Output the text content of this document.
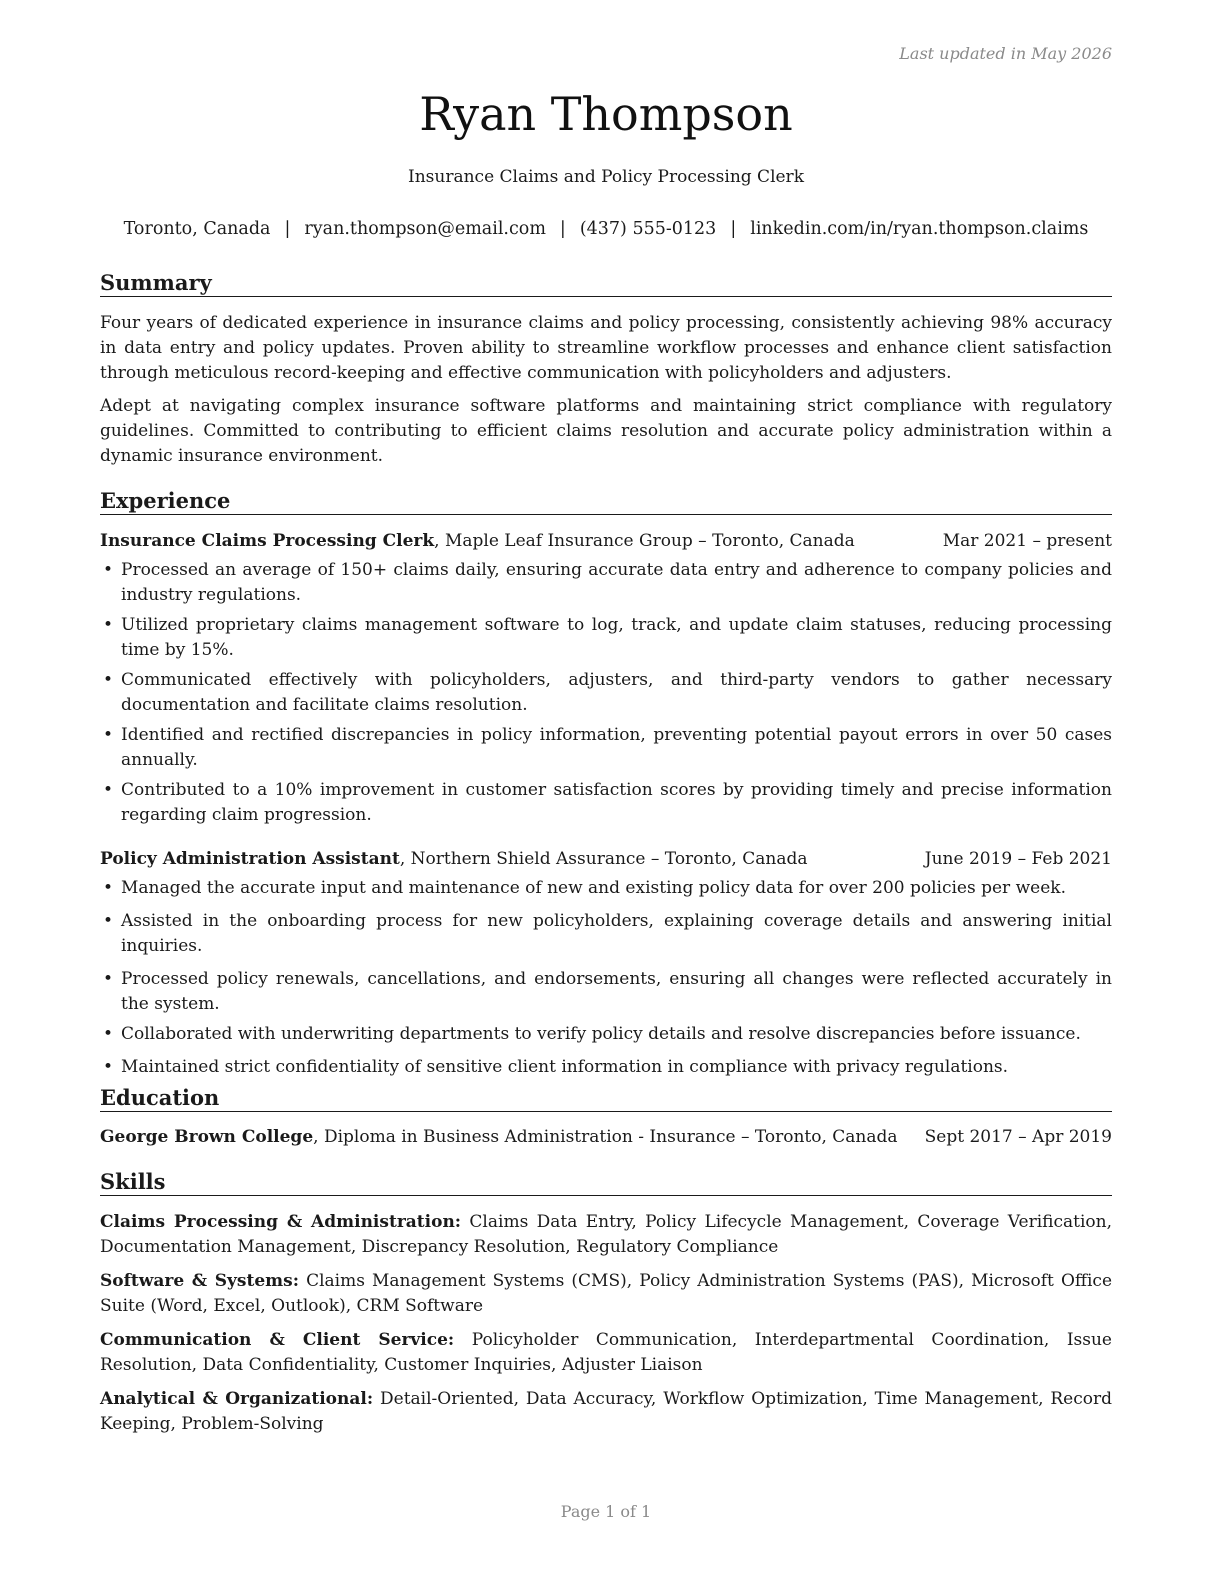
Last updated in May 2026
Ryan Thompson
Insurance Claims and Policy Processing Clerk
Toronto, Canada | ryan.thompson@email.com | (437) 555-0123 | linkedin.com/in/ryan.thompson.claims
Summary

Four years of dedicated experience in insurance claims and policy processing, consistently achieving 98% accuracy in data entry and policy updates. Proven ability to streamline workflow processes and enhance client satisfaction through meticulous record-keeping and effective communication with policyholders and adjusters.

Adept at navigating complex insurance software platforms and maintaining strict compliance with regulatory guidelines. Committed to contributing to efficient claims resolution and accurate policy administration within a dynamic insurance environment.

Experience
Insurance Claims Processing Clerk, Maple Leaf Insurance Group – Toronto, Canada	Mar 2021 – present
• Processed an average of 150+ claims daily, ensuring accurate data entry and adherence to company policies and industry regulations.
• Utilized proprietary claims management software to log, track, and update claim statuses, reducing processing time by 15%.
• Communicated effectively with policyholders, adjusters, and third-party vendors to gather necessary documentation and facilitate claims resolution.
• Identified and rectified discrepancies in policy information, preventing potential payout errors in over 50 cases annually.
• Contributed to a 10% improvement in customer satisfaction scores by providing timely and precise information regarding claim progression.
Policy Administration Assistant, Northern Shield Assurance – Toronto, Canada	June 2019 – Feb 2021
• Managed the accurate input and maintenance of new and existing policy data for over 200 policies per week.
• Assisted in the onboarding process for new policyholders, explaining coverage details and answering initial inquiries.
• Processed policy renewals, cancellations, and endorsements, ensuring all changes were reflected accurately in the system.
• Collaborated with underwriting departments to verify policy details and resolve discrepancies before issuance.
• Maintained strict confidentiality of sensitive client information in compliance with privacy regulations.
Education
George Brown College, Diploma in Business Administration - Insurance – Toronto, Canada Sept 2017 – Apr 2019
Skills

Claims Processing & Administration: Claims Data Entry, Policy Lifecycle Management, Coverage Verification, Documentation Management, Discrepancy Resolution, Regulatory Compliance

Software & Systems: Claims Management Systems (CMS), Policy Administration Systems (PAS), Microsoft Office Suite (Word, Excel, Outlook), CRM Software

Communication & Client Service: Policyholder Communication, Interdepartmental Coordination, Issue Resolution, Data Confidentiality, Customer Inquiries, Adjuster Liaison

Analytical & Organizational: Detail-Oriented, Data Accuracy, Workflow Optimization, Time Management, Record Keeping, Problem-Solving

Page 1 of 1
